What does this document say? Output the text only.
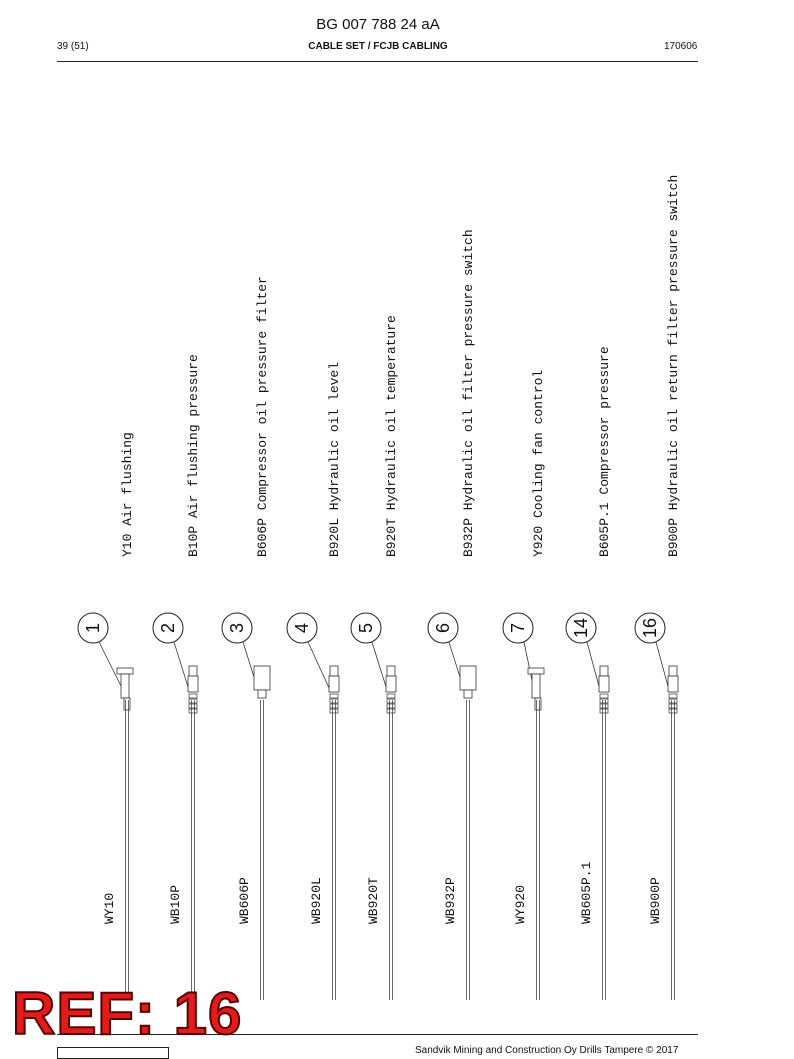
BG 007 788 24 aA
39 (51)	CABLE SET / FCJB CABLING	170606
Y10 Air flushing
1
WY10
B10P Air flushing pressure
2
WB10P
B606P Compressor oil pressure filter
3
WB606P
B920L Hydraulic oil level
4
WB920L
B920T Hydraulic oil temperature
5
WB920T
B932P Hydraulic oil filter pressure switch
6
WB932P
Y920 Cooling fan control
7
WY920
B605P.1 Compressor pressure
14
WB605P.1
B900P Hydraulic oil return filter pressure switch
16
WB900P
Sandvik Mining and Construction Oy Drills Tampere © 2017
REF: 16
